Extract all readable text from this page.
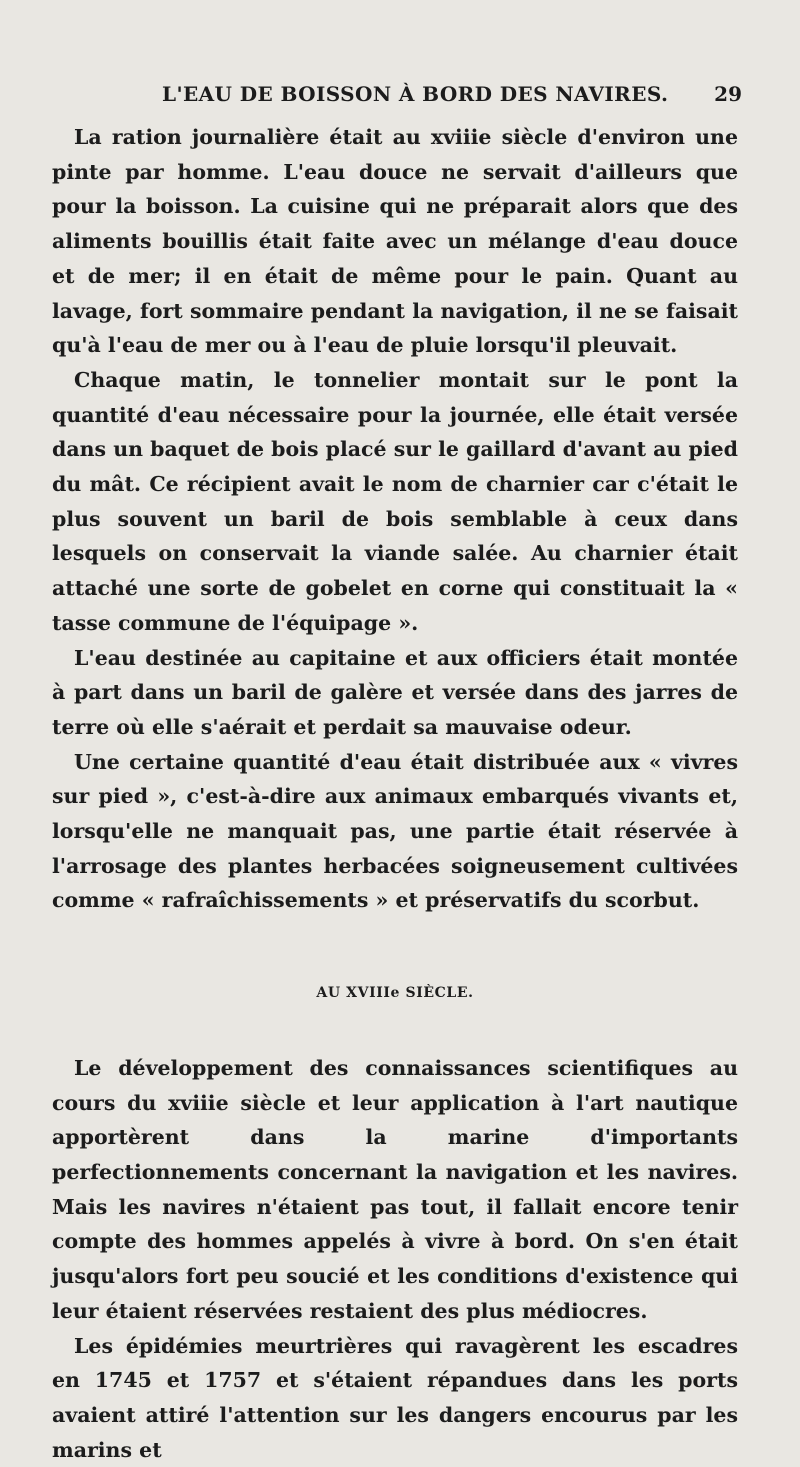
L'EAU DE BOISSON À BORD DES NAVIRES. 29

La ration journalière était au xviiie siècle d'environ une pinte par homme. L'eau douce ne servait d'ailleurs que pour la boisson. La cuisine qui ne préparait alors que des aliments bouillis était faite avec un mélange d'eau douce et de mer; il en était de même pour le pain. Quant au lavage, fort sommaire pendant la navigation, il ne se faisait qu'à l'eau de mer ou à l'eau de pluie lorsqu'il pleuvait.

Chaque matin, le tonnelier montait sur le pont la quantité d'eau nécessaire pour la journée, elle était versée dans un baquet de bois placé sur le gaillard d'avant au pied du mât. Ce récipient avait le nom de charnier car c'était le plus souvent un baril de bois semblable à ceux dans lesquels on conservait la viande salée. Au charnier était attaché une sorte de gobelet en corne qui constituait la « tasse commune de l'équipage ».

L'eau destinée au capitaine et aux officiers était montée à part dans un baril de galère et versée dans des jarres de terre où elle s'aérait et perdait sa mauvaise odeur.

Une certaine quantité d'eau était distribuée aux « vivres sur pied », c'est-à-dire aux animaux embarqués vivants et, lorsqu'elle ne manquait pas, une partie était réservée à l'arrosage des plantes herbacées soigneusement cultivées comme « rafraîchissements » et préservatifs du scorbut.

AU XVIIIe SIÈCLE.

Le développement des connaissances scientifiques au cours du xviiie siècle et leur application à l'art nautique apportèrent dans la marine d'importants perfectionnements concernant la navigation et les navires. Mais les navires n'étaient pas tout, il fallait encore tenir compte des hommes appelés à vivre à bord. On s'en était jusqu'alors fort peu soucié et les conditions d'existence qui leur étaient réservées restaient des plus médiocres.

Les épidémies meurtrières qui ravagèrent les escadres en 1745 et 1757 et s'étaient répandues dans les ports avaient attiré l'attention sur les dangers encourus par les marins et
